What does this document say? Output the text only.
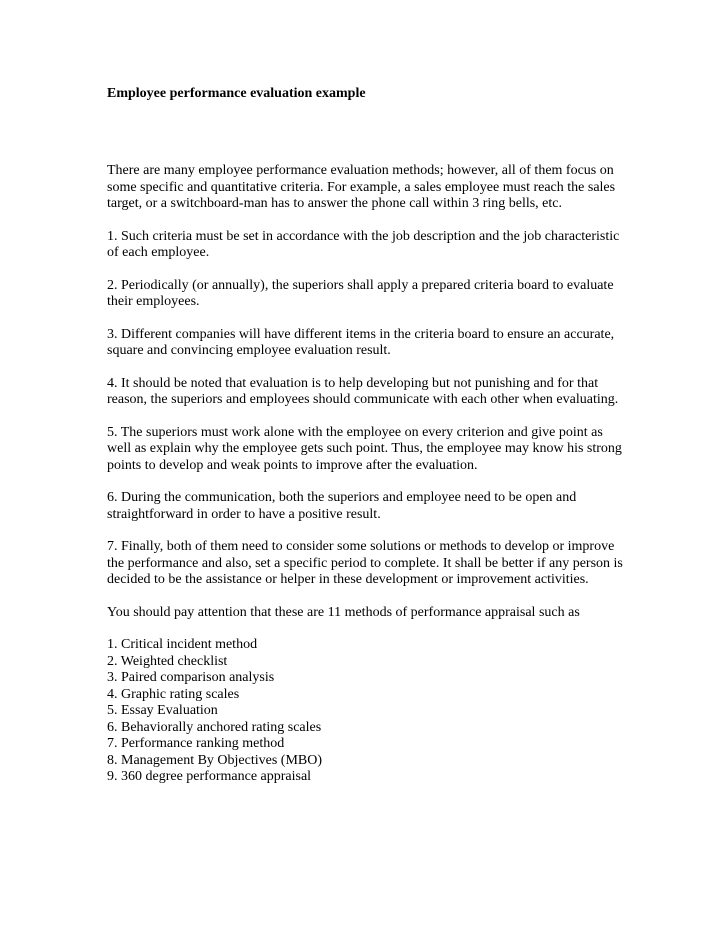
Employee performance evaluation example

There are many employee performance evaluation methods; however, all of them focus on some specific and quantitative criteria. For example, a sales employee must reach the sales target, or a switchboard-man has to answer the phone call within 3 ring bells, etc.

1. Such criteria must be set in accordance with the job description and the job characteristic of each employee.

2. Periodically (or annually), the superiors shall apply a prepared criteria board to evaluate their employees.

3. Different companies will have different items in the criteria board to ensure an accurate, square and convincing employee evaluation result.

4. It should be noted that evaluation is to help developing but not punishing and for that reason, the superiors and employees should communicate with each other when evaluating.

5. The superiors must work alone with the employee on every criterion and give point as well as explain why the employee gets such point. Thus, the employee may know his strong points to develop and weak points to improve after the evaluation.

6. During the communication, both the superiors and employee need to be open and straightforward in order to have a positive result.

7. Finally, both of them need to consider some solutions or methods to develop or improve the performance and also, set a specific period to complete. It shall be better if any person is decided to be the assistance or helper in these development or improvement activities.

You should pay attention that these are 11 methods of performance appraisal such as

1. Critical incident method
2. Weighted checklist
3. Paired comparison analysis
4. Graphic rating scales
5. Essay Evaluation
6. Behaviorally anchored rating scales
7. Performance ranking method
8. Management By Objectives (MBO)
9. 360 degree performance appraisal
